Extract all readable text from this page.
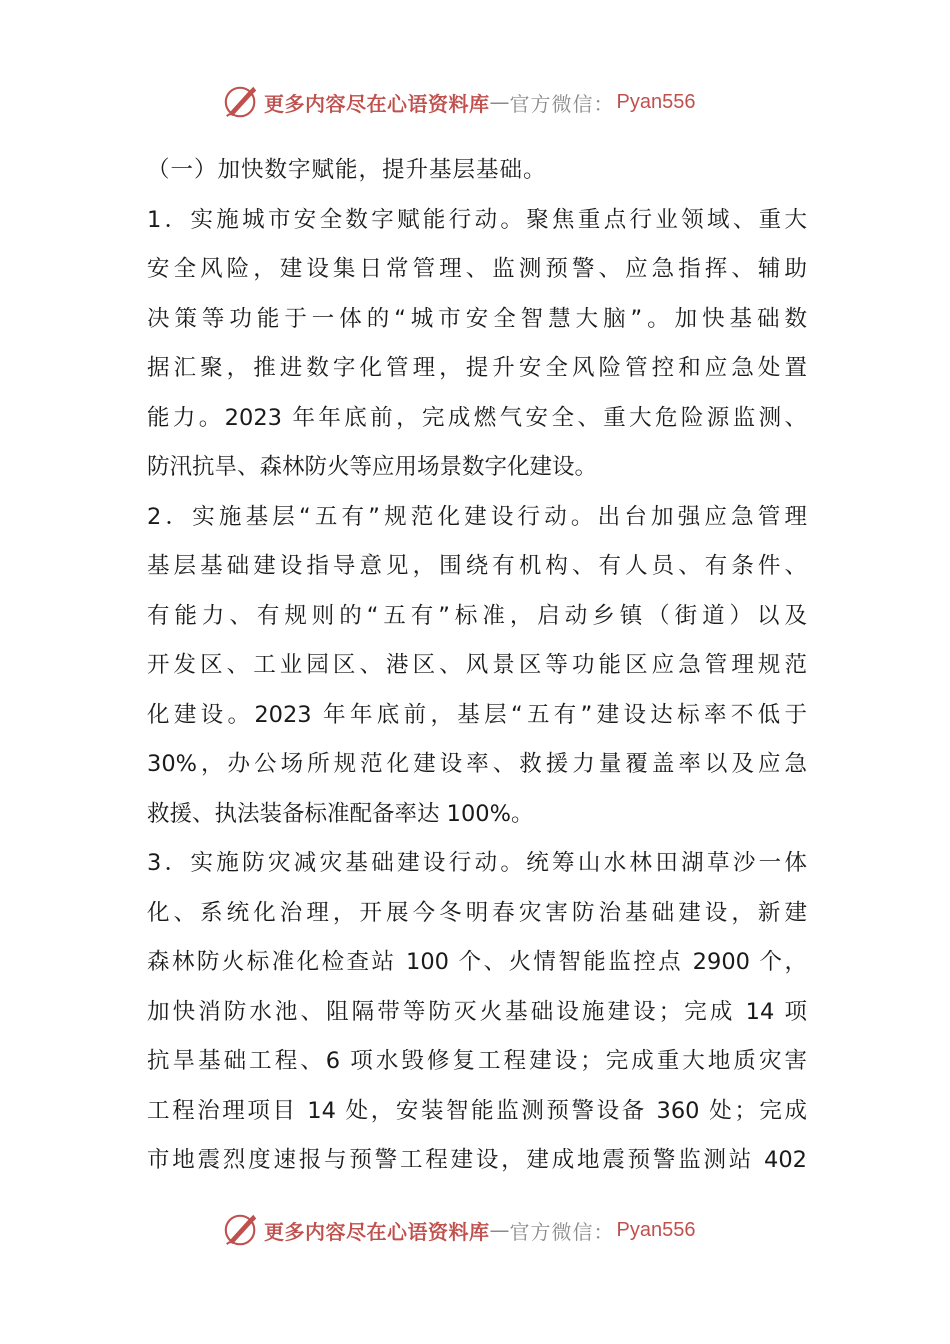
更多内容尽在心语资料库 — 官方微信： Pyan556

（一）加快数字赋能，提升基层基础。

1．实施城市安全数字赋能行动。聚焦重点行业领域、重大
安全风险，建设集日常管理、监测预警、应急指挥、辅助
决策等功能于一体的“城市安全智慧大脑”。加快基础数
据汇聚，推进数字化管理，提升安全风险管控和应急处置
能力。2023 年年底前，完成燃气安全、重大危险源监测、
防汛抗旱、森林防火等应用场景数字化建设。

2．实施基层“五有”规范化建设行动。出台加强应急管理
基层基础建设指导意见，围绕有机构、有人员、有条件、
有能力、有规则的“五有”标准，启动乡镇（街道）以及
开发区、工业园区、港区、风景区等功能区应急管理规范
化建设。2023 年年底前，基层“五有”建设达标率不低于
30%，办公场所规范化建设率、救援力量覆盖率以及应急
救援、执法装备标准配备率达 100%。

3．实施防灾减灾基础建设行动。统筹山水林田湖草沙一体
化、系统化治理，开展今冬明春灾害防治基础建设，新建
森林防火标准化检查站 100 个、火情智能监控点 2900 个，
加快消防水池、阻隔带等防灭火基础设施建设；完成 14 项
抗旱基础工程、6 项水毁修复工程建设；完成重大地质灾害
工程治理项目 14 处，安装智能监测预警设备 360 处；完成
市地震烈度速报与预警工程建设，建成地震预警监测站 402

更多内容尽在心语资料库 — 官方微信： Pyan556
